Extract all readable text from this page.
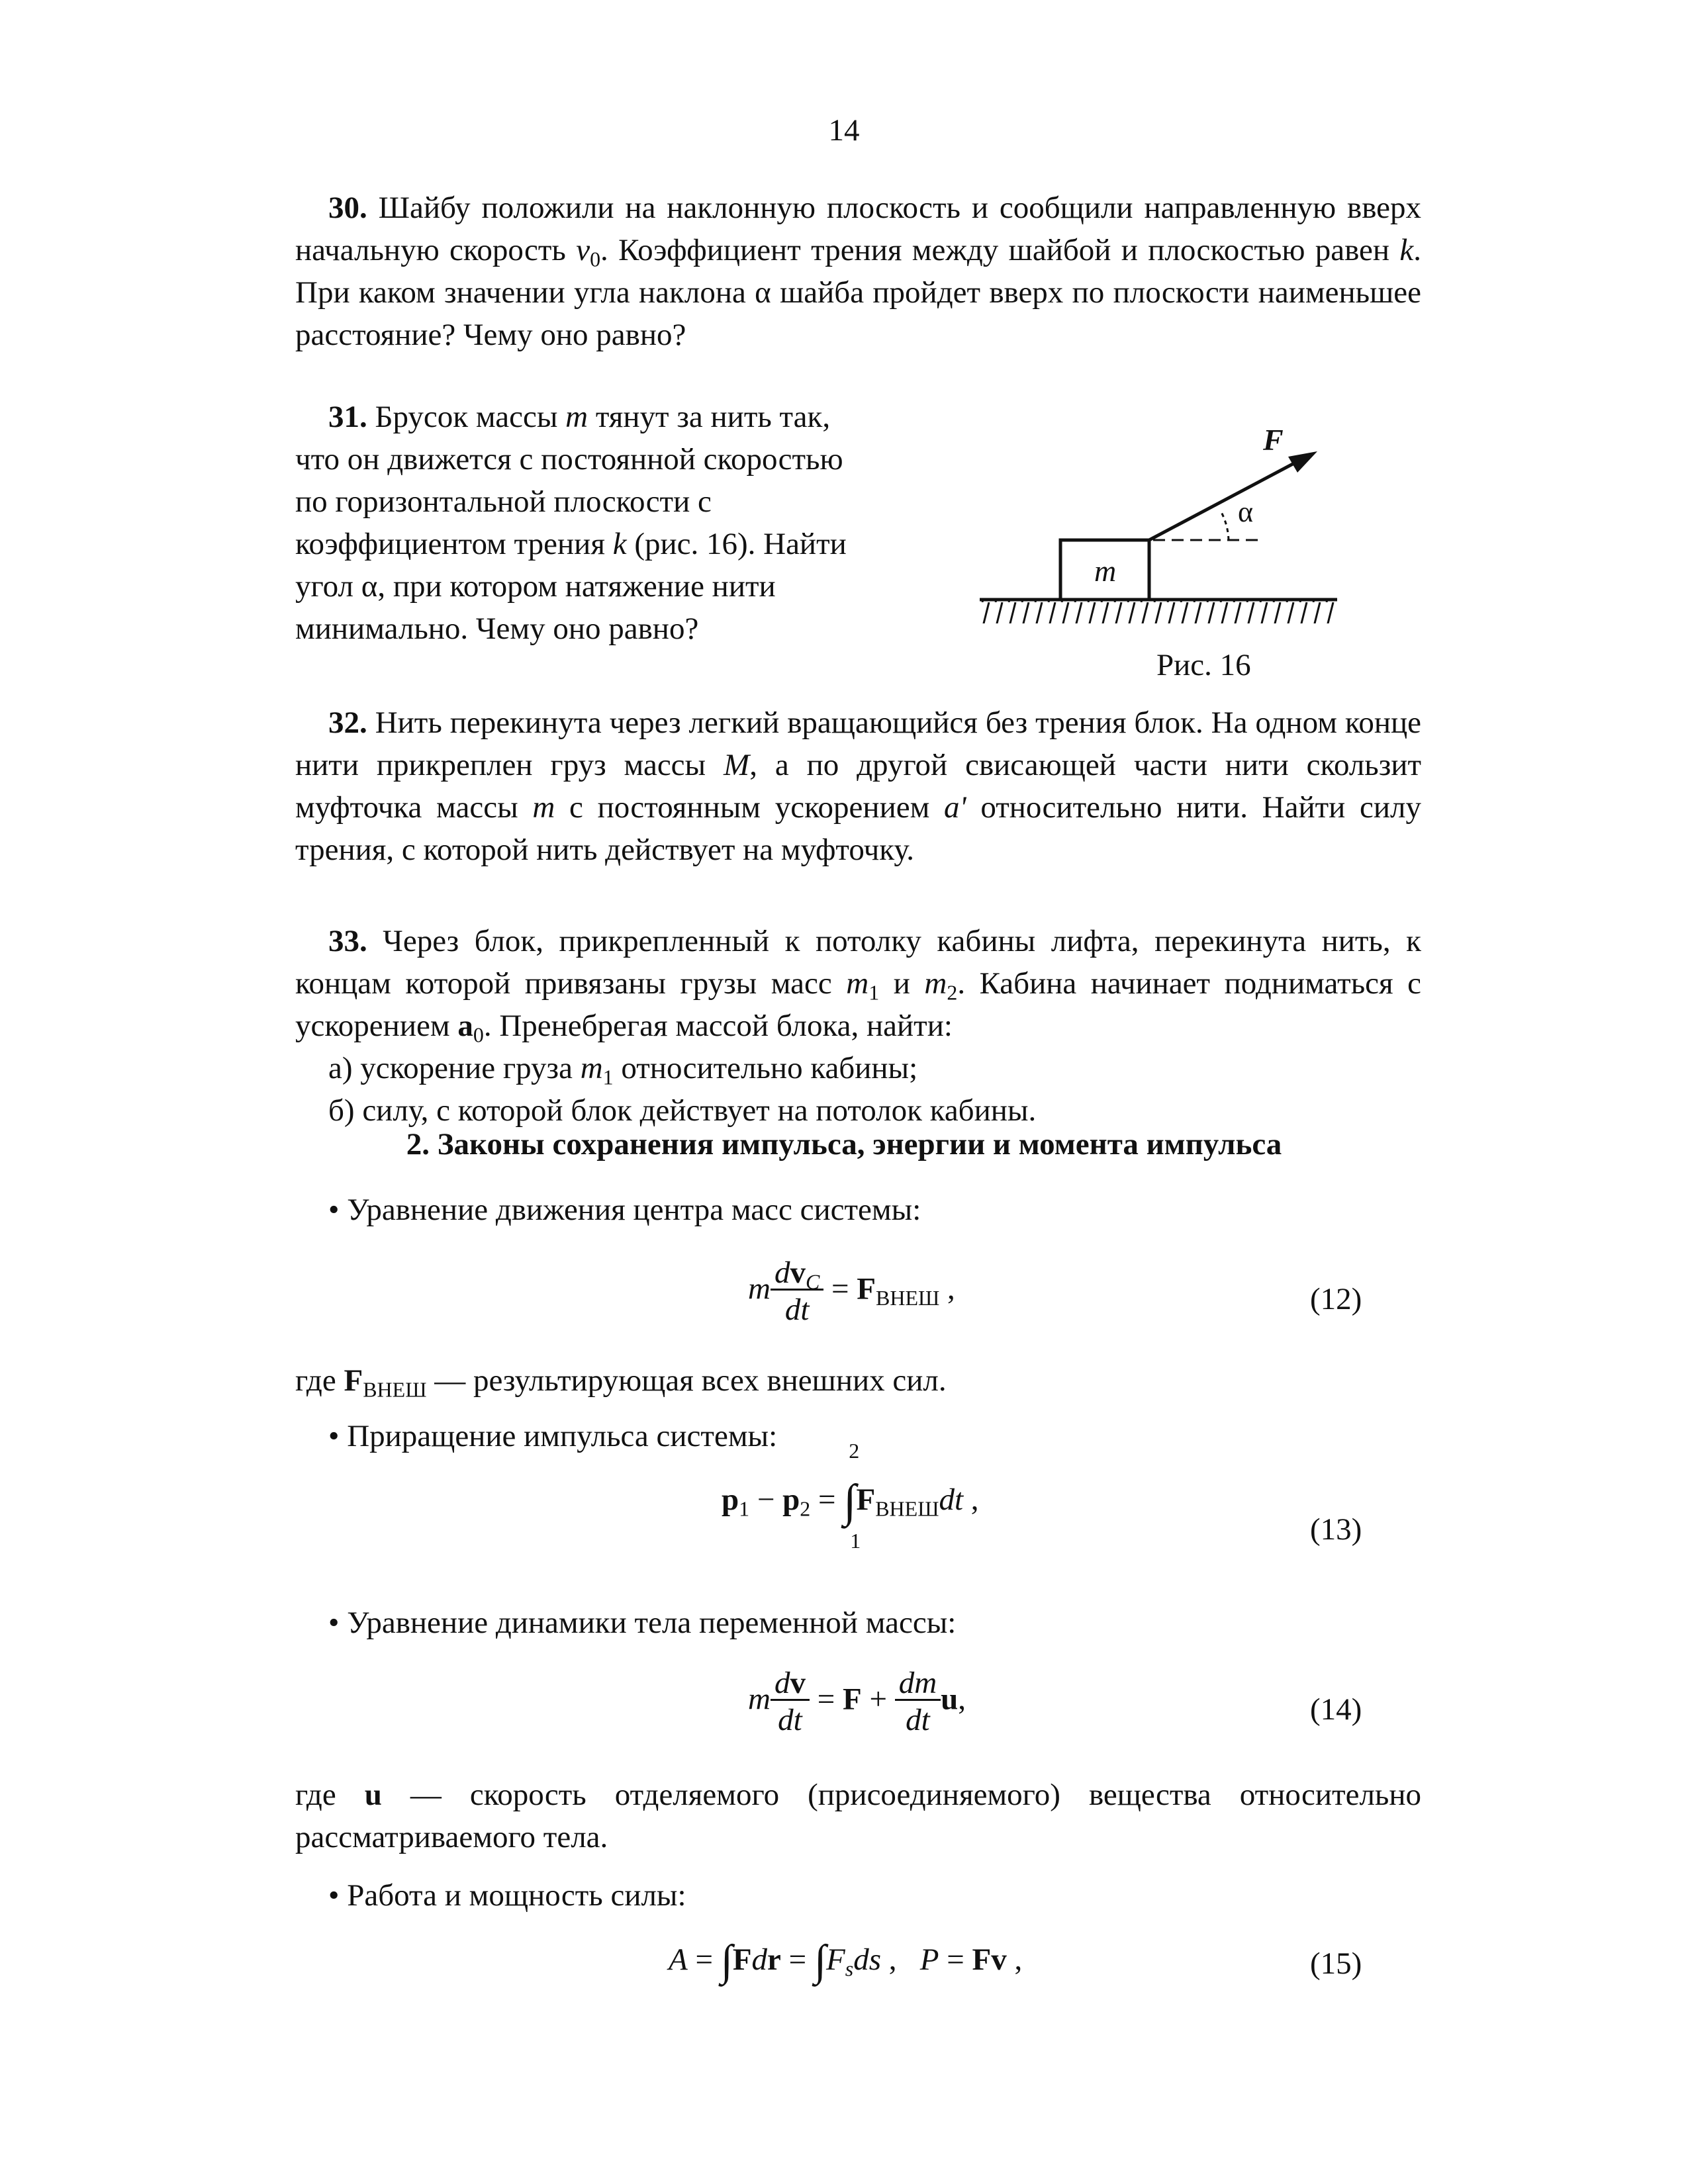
14
30. Шайбу положили на наклонную плоскость и сообщили направленную вверх начальную скорость $v_0$. Коэффициент трения между шайбой и плоскостью равен k. При каком значении угла наклона α шайба пройдет вверх по плоскости наименьшее расстояние? Чему оно равно?
31. Брусок массы m тянут за нить так,
что он движется с постоянной скоростью
по горизонтальной плоскости с
коэффициентом трения k (рис. 16). Найти
угол α, при котором натяжение нити
минимально. Чему оно равно?
m
F
α
Рис. 16
32. Нить перекинута через легкий вращающийся без трения блок. На одном конце нити прикреплен груз массы M, а по другой свисающей части нити скользит муфточка массы m с постоянным ускорением a' относительно нити. Найти силу трения, с которой нить действует на муфточку.
33. Через блок, прикрепленный к потолку кабины лифта, перекинута нить, к концам которой привязаны грузы масс $m_1$ и $m_2$. Кабина начинает подниматься с ускорением $a_0$. Пренебрегая массой блока, найти:
а) ускорение груза $m_1$ относительно кабины;
б) силу, с которой блок действует на потолок кабины.
2. Законы сохранения импульса, энергии и момента импульса
• Уравнение движения центра масс системы:
m $\frac{dv_C}{dt} = F_{ВНЕШ}$ ,	(12)
где $F_{ВНЕШ}$ — результирующая всех внешних сил.
• Приращение импульса системы:
$p_1 - p_2$ =
2
∫
1
$F_{ВНЕШ}dt$ ,
(13)
• Уравнение динамики тела переменной массы:
m $\frac{dv}{dt} = F + \frac{dm}{dt} u$,	(14)
где u — скорость отделяемого (присоединяемого) вещества относительно рассматриваемого тела.
• Работа и мощность силы:
$A = \int Fdr = \int F_sds$ ,   P = Fv ,	(15)
